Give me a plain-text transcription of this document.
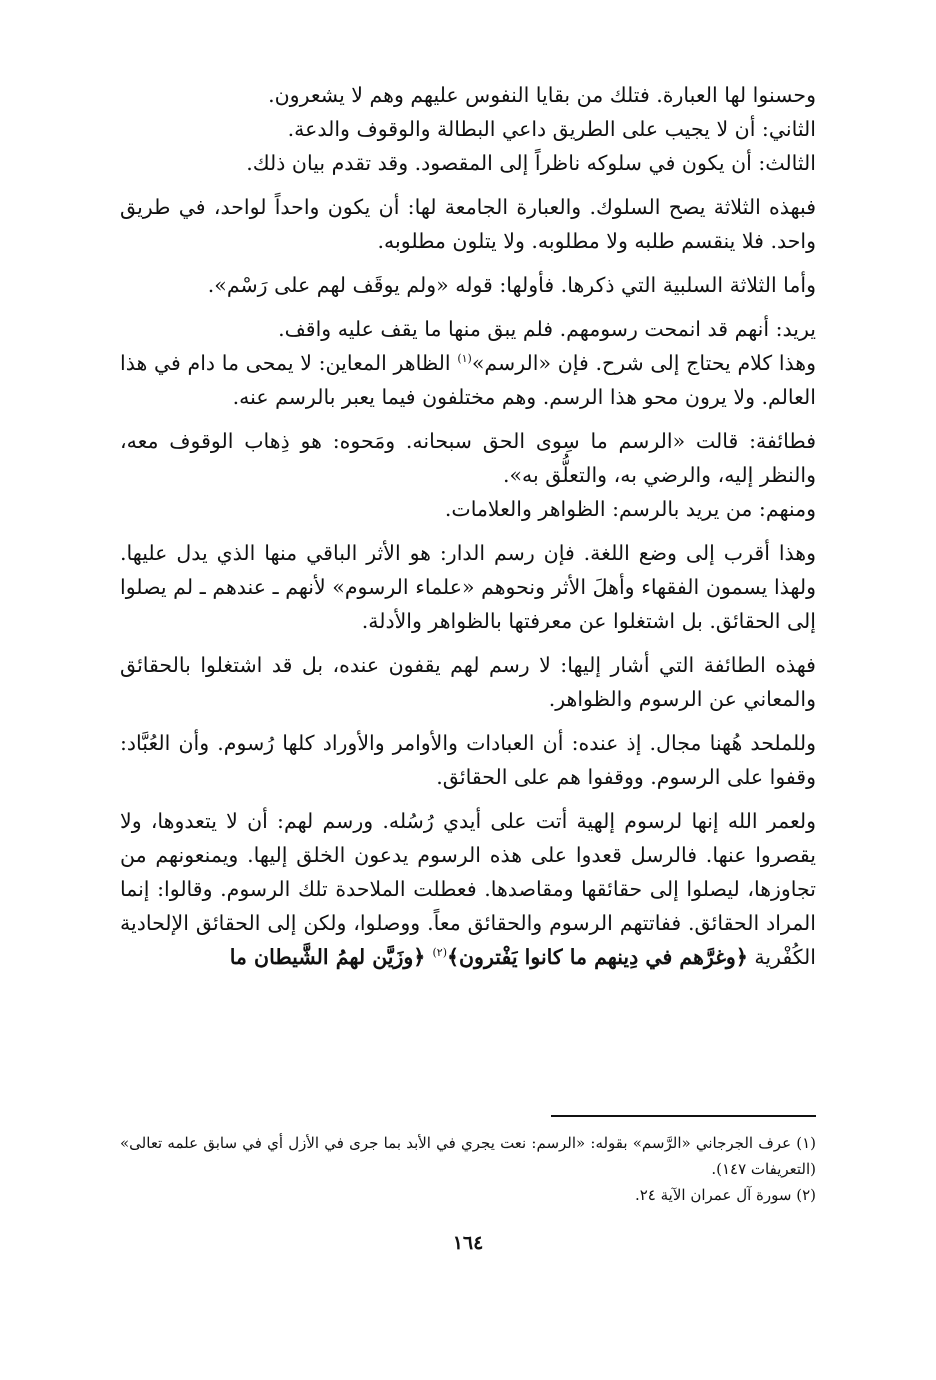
وحسنوا لها العبارة. فتلك من بقايا النفوس عليهم وهم لا يشعرون.

الثاني: أن لا يجيب على الطريق داعي البطالة والوقوف والدعة.

الثالث: أن يكون في سلوكه ناظراً إلى المقصود. وقد تقدم بيان ذلك.

فبهذه الثلاثة يصح السلوك. والعبارة الجامعة لها: أن يكون واحداً لواحد، في طريق واحد. فلا ينقسم طلبه ولا مطلوبه. ولا يتلون مطلوبه.

وأما الثلاثة السلبية التي ذكرها. فأولها: قوله «ولم يوقَف لهم على رَسْم».

يريد: أنهم قد انمحت رسومهم. فلم يبق منها ما يقف عليه واقف.

وهذا كلام يحتاج إلى شرح. فإن «الرسم»$^{(١)}$ الظاهر المعاين: لا يمحى ما دام في هذا العالم. ولا يرون محو هذا الرسم. وهم مختلفون فيما يعبر بالرسم عنه.

فطائفة: قالت «الرسم ما سِوى الحق سبحانه. ومَحوه: هو ذِهاب الوقوف معه، والنظر إليه، والرضي به، والتعلُّق به».

ومنهم: من يريد بالرسم: الظواهر والعلامات.

وهذا أقرب إلى وضع اللغة. فإن رسم الدار: هو الأثر الباقي منها الذي يدل عليها. ولهذا يسمون الفقهاء وأهلَ الأثر ونحوهم «علماء الرسوم» لأنهم ـ عندهم ـ لم يصلوا إلى الحقائق. بل اشتغلوا عن معرفتها بالظواهر والأدلة.

فهذه الطائفة التي أشار إليها: لا رسم لهم يقفون عنده، بل قد اشتغلوا بالحقائق والمعاني عن الرسوم والظواهر.

وللملحد هُهنا مجال. إذ عنده: أن العبادات والأوامر والأوراد كلها رُسوم. وأن العُبَّاد: وقفوا على الرسوم. ووقفوا هم على الحقائق.

ولعمر الله إنها لرسوم إلهية أتت على أيدي رُسُله. ورسم لهم: أن لا يتعدوها، ولا يقصروا عنها. فالرسل قعدوا على هذه الرسوم يدعون الخلق إليها. ويمنعونهم من تجاوزها، ليصلوا إلى حقائقها ومقاصدها. فعطلت الملاحدة تلك الرسوم. وقالوا: إنما المراد الحقائق. ففاتتهم الرسوم والحقائق معاً. ووصلوا، ولكن إلى الحقائق الإلحادية الكُفْرية ﴿وغرَّهم في دِينهم ما كانوا يَفْترون﴾$^{(٢)}$ ﴿وزَيَّن لهمُ الشَّيطان ما

(١) عرف الجرجاني «الرَّسم» بقوله: «الرسم: نعت يجري في الأبد بما جرى في الأزل أي في سابق علمه تعالى» (التعريفات ١٤٧).

(٢) سورة آل عمران الآية ٢٤.

١٦٤
